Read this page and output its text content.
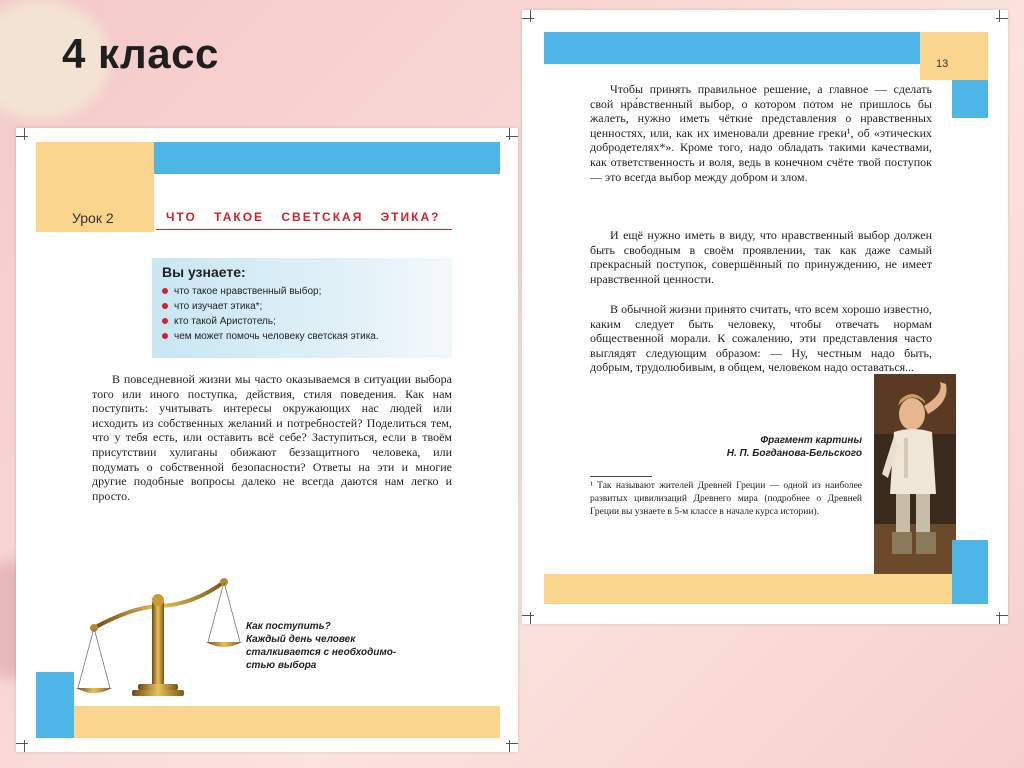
4 класс
Урок 2	ЧТО ТАКОЕ СВЕТСКАЯ ЭТИКА?
Вы узнаете:
что такое нравственный выбор;
что изучает этика*;
кто такой Аристотель;
чем может помочь человеку светская этика.

В повседневной жизни мы часто оказываемся в ситуации выбора того или иного поступка, действия, стиля поведения. Как нам поступить: учитывать интересы окружающих нас людей или исходить из собственных желаний и потребностей? Поделиться тем, что у тебя есть, или оставить всё себе? Заступиться, если в твоём присутствии хулиганы обижают беззащитного человека, или подумать о собственной безопасности? Ответы на эти и многие другие подобные вопросы далеко не всегда даются нам легко и просто.

Как поступить?
Каждый день человек
сталкивается с необходимо-
стью выбора
13

Чтобы принять правильное решение, а главное — сделать свой нра́вственный выбор, о котором потом не пришлось бы жалеть, нужно иметь чёткие представления о нравственных ценностях, или, как их именовали древние греки¹, об «этических добродетелях*». Кроме того, надо обладать такими качествами, как ответственность и воля, ведь в конечном счёте твой поступок — это всегда выбор между добром и злом.

И ещё нужно иметь в виду, что нравственный выбор должен быть свободным в своём проявлении, так как даже самый прекрасный поступок, совершённый по принуждению, не имеет нравственной ценности.

В обычной жизни принято считать, что всем хорошо известно, каким следует быть человеку, чтобы отвечать нормам общественной морали. К сожалению, эти представления часто выглядят следующим образом: — Ну, честным надо быть, добрым, трудолюбивым, в общем, человеком надо оставаться...

Фрагмент картины
Н. П. Богданова-Бельского

¹ Так называют жителей Древней Греции — одной из наиболее развитых цивилизаций Древнего мира (подробнее о Древней Греции вы узнаете в 5-м классе в начале курса истории).
